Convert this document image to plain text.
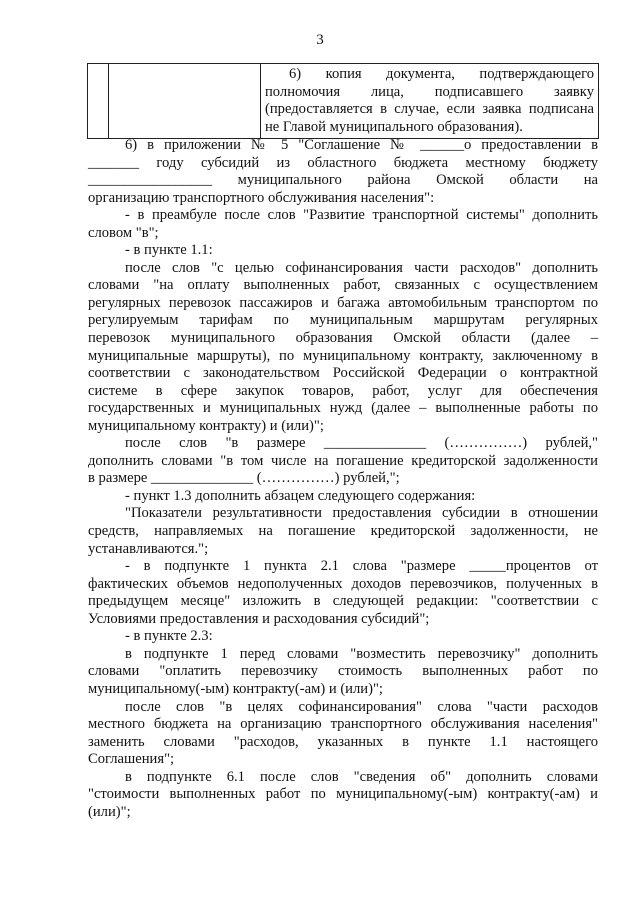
3

6) копия документа, подтверждающего
полномочия лица, подписавшего заявку
(предоставляется в случае, если заявка подписана
не Главой муниципального образования).
6) в приложении № 5 "Соглашение № ______о предоставлении в
_______ году субсидий из областного бюджета местному бюджету
_________________ муниципального района Омской области на
организацию транспортного обслуживания населения":
- в преамбуле после слов "Развитие транспортной системы" дополнить
словом "в";
- в пункте 1.1:
после слов "с целью софинансирования части расходов" дополнить
словами "на оплату выполненных работ, связанных с осуществлением
регулярных перевозок пассажиров и багажа автомобильным транспортом по
регулируемым тарифам по муниципальным маршрутам регулярных
перевозок муниципального образования Омской области (далее –
муниципальные маршруты), по муниципальному контракту, заключенному в
соответствии с законодательством Российской Федерации о контрактной
системе в сфере закупок товаров, работ, услуг для обеспечения
государственных и муниципальных нужд (далее – выполненные работы по
муниципальному контракту) и (или)";
после слов "в размере ______________ (……………) рублей,"
дополнить словами "в том числе на погашение кредиторской задолженности
в размере ______________ (……………) рублей,";
- пункт 1.3 дополнить абзацем следующего содержания:
"Показатели результативности предоставления субсидии в отношении
средств, направляемых на погашение кредиторской задолженности, не
устанавливаются.";
- в подпункте 1 пункта 2.1 слова "размере _____процентов от
фактических объемов недополученных доходов перевозчиков, полученных в
предыдущем месяце" изложить в следующей редакции: "соответствии с
Условиями предоставления и расходования субсидий";
- в пункте 2.3:
в подпункте 1 перед словами "возместить перевозчику" дополнить
словами "оплатить перевозчику стоимость выполненных работ по
муниципальному(-ым) контракту(-ам) и (или)";
после слов "в целях софинансирования" слова "части расходов
местного бюджета на организацию транспортного обслуживания населения"
заменить словами "расходов, указанных в пункте 1.1 настоящего
Соглашения";
в подпункте 6.1 после слов "сведения об" дополнить словами
"стоимости выполненных работ по муниципальному(-ым) контракту(-ам) и
(или)";
